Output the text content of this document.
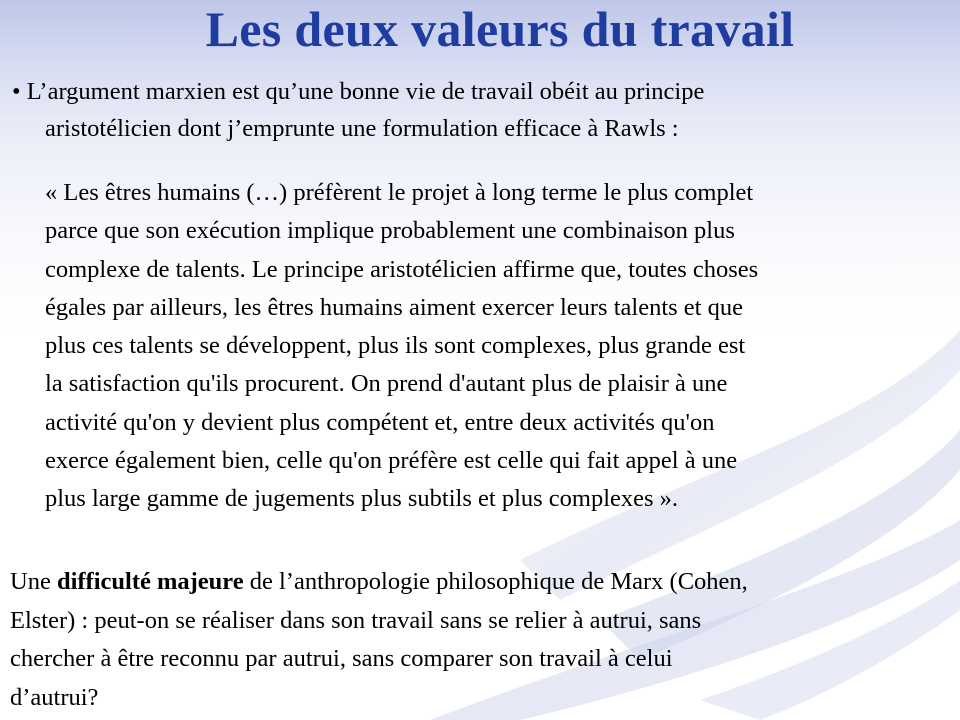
Les deux valeurs du travail
• L’argument marxien est qu’une bonne vie de travail obéit au principe
aristotélicien dont j’emprunte une formulation efficace à Rawls :
« Les êtres humains (…) préfèrent le projet à long terme le plus complet
parce que son exécution implique probablement une combinaison plus
complexe de talents. Le principe aristotélicien affirme que, toutes choses
égales par ailleurs, les êtres humains aiment exercer leurs talents et que
plus ces talents se développent, plus ils sont complexes, plus grande est
la satisfaction qu'ils procurent. On prend d'autant plus de plaisir à une
activité qu'on y devient plus compétent et, entre deux activités qu'on
exerce également bien, celle qu'on préfère est celle qui fait appel à une
plus large gamme de jugements plus subtils et plus complexes ».
Une difficulté majeure de l’anthropologie philosophique de Marx (Cohen,
Elster) : peut-on se réaliser dans son travail sans se relier à autrui, sans
chercher à être reconnu par autrui, sans comparer son travail à celui
d’autrui?
